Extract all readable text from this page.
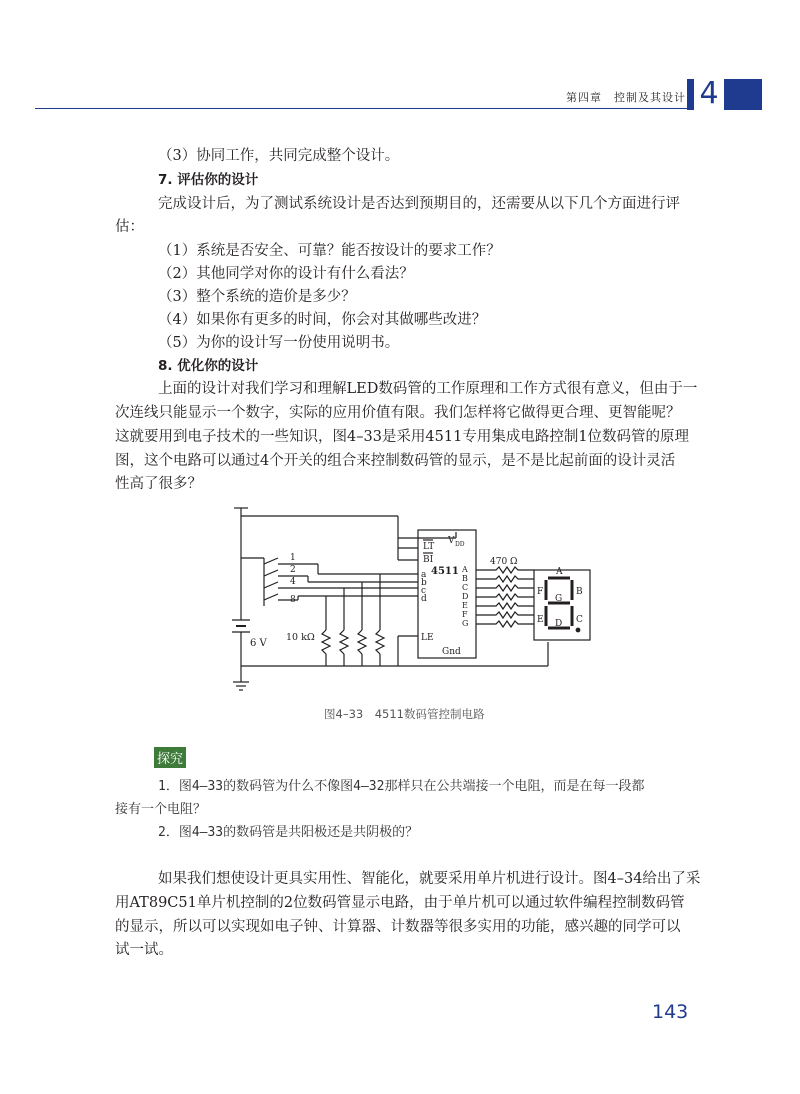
第四章　控制及其设计 4
（3）协同工作，共同完成整个设计。
7. 评估你的设计
完成设计后，为了测试系统设计是否达到预期目的，还需要从以下几个方面进行评
估：
（1）系统是否安全、可靠？能否按设计的要求工作？
（2）其他同学对你的设计有什么看法？
（3）整个系统的造价是多少？
（4）如果你有更多的时间，你会对其做哪些改进？
（5）为你的设计写一份使用说明书。
8. 优化你的设计
上面的设计对我们学习和理解LED数码管的工作原理和工作方式很有意义，但由于一
次连线只能显示一个数字，实际的应用价值有限。我们怎样将它做得更合理、更智能呢？
这就要用到电子技术的一些知识，图4–33是采用4511专用集成电路控制1位数码管的原理
图，这个电路可以通过4个开关的组合来控制数码管的显示，是不是比起前面的设计灵活
性高了很多？
6 V
1
2
4
8
10 kΩ
LT
BI
V DD
4511
a
b
c
d
LE
Gnd
A
B
C
D
E
F
G
470 Ω
A
B
C
D
E
F
G
图4–33　4511数码管控制电路
探究
1．图4–33的数码管为什么不像图4–32那样只在公共端接一个电阻，而是在每一段都
接有一个电阻？
2．图4–33的数码管是共阳极还是共阴极的？
如果我们想使设计更具实用性、智能化，就要采用单片机进行设计。图4–34给出了采
用AT89C51单片机控制的2位数码管显示电路，由于单片机可以通过软件编程控制数码管
的显示，所以可以实现如电子钟、计算器、计数器等很多实用的功能，感兴趣的同学可以
试一试。
143
